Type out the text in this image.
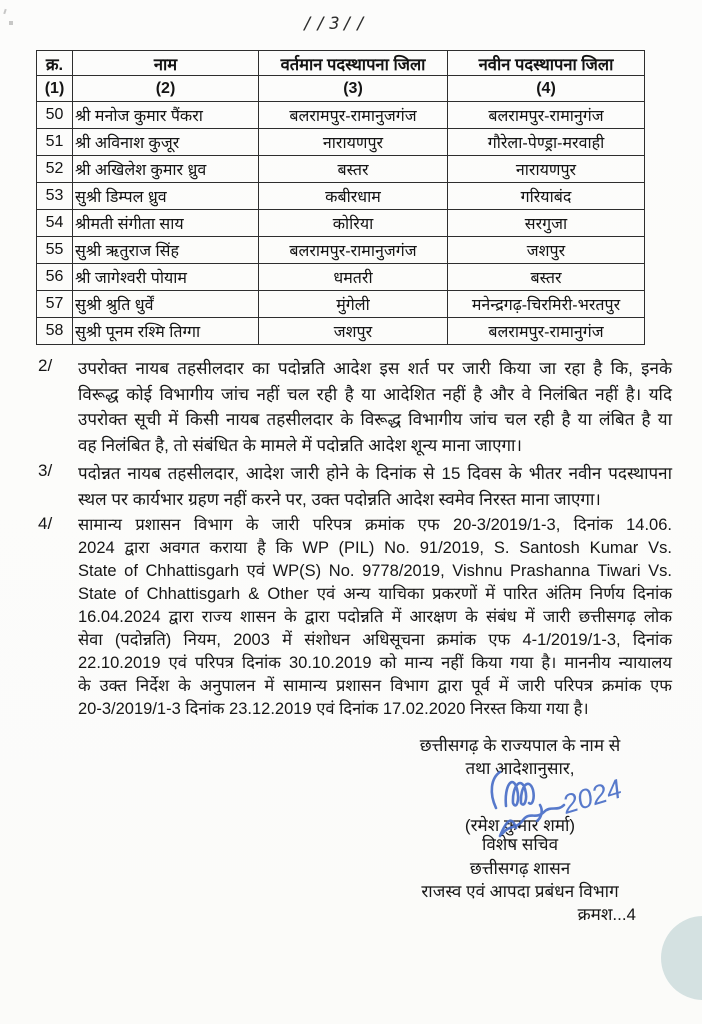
//3//
क्र.	नाम	वर्तमान पदस्थापना जिला	नवीन पदस्थापना जिला
(1)	(2)	(3)	(4)
50	श्री मनोज कुमार पैंकरा	बलरामपुर-रामानुजगंज	बलरामपुर-रामानुगंज
51	श्री अविनाश कुजूर	नारायणपुर	गौरेला-पेण्ड्रा-मरवाही
52	श्री अखिलेश कुमार ध्रुव	बस्तर	नारायणपुर
53	सुश्री डिम्पल ध्रुव	कबीरधाम	गरियाबंद
54	श्रीमती संगीता साय	कोरिया	सरगुजा
55	सुश्री ऋतुराज सिंह	बलरामपुर-रामानुजगंज	जशपुर
56	श्री जागेश्वरी पोयाम	धमतरी	बस्तर
57	सुश्री श्रुति धुर्वें	मुंगेली	मनेन्द्रगढ़-चिरमिरी-भरतपुर
58	सुश्री पूनम रश्मि तिग्गा	जशपुर	बलरामपुर-रामानुगंज
2/	उपरोक्त नायब तहसीलदार का पदोन्नति आदेश इस शर्त पर जारी किया जा रहा है कि, इनके
विरूद्ध कोई विभागीय जांच नहीं चल रही है या आदेशित नहीं है और वे निलंबित नहीं है। यदि
उपरोक्त सूची में किसी नायब तहसीलदार के विरूद्ध विभागीय जांच चल रही है या लंबित है या
वह निलंबित है, तो संबंधित के मामले में पदोन्नति आदेश शून्य माना जाएगा।
3/	पदोन्नत नायब तहसीलदार, आदेश जारी होने के दिनांक से 15 दिवस के भीतर नवीन पदस्थापना
स्थल पर कार्यभार ग्रहण नहीं करने पर, उक्त पदोन्नति आदेश स्वमेव निरस्त माना जाएगा।
4/	सामान्य प्रशासन विभाग के जारी परिपत्र क्रमांक एफ 20-3/2019/1-3, दिनांक 14.06.
2024 द्वारा अवगत कराया है कि WP (PIL) No. 91/2019, S. Santosh Kumar Vs.
State of Chhattisgarh एवं WP(S) No. 9778/2019, Vishnu Prashanna Tiwari Vs.
State of Chhattisgarh & Other एवं अन्य याचिका प्रकरणों में पारित अंतिम निर्णय दिनांक
16.04.2024 द्वारा राज्य शासन के द्वारा पदोन्नति में आरक्षण के संबंध में जारी छत्तीसगढ़ लोक
सेवा (पदोन्नति) नियम, 2003 में संशोधन अधिसूचना क्रमांक एफ 4-1/2019/1-3, दिनांक
22.10.2019 एवं परिपत्र दिनांक 30.10.2019 को मान्य नहीं किया गया है। माननीय न्यायालय
के उक्त निर्देश के अनुपालन में सामान्य प्रशासन विभाग द्वारा पूर्व में जारी परिपत्र क्रमांक एफ
20-3/2019/1-3 दिनांक 23.12.2019 एवं दिनांक 17.02.2020 निरस्त किया गया है।
छत्तीसगढ़ के राज्यपाल के नाम से
तथा आदेशानुसार,
(रमेश कुमार शर्मा)
विशेष सचिव
छत्तीसगढ़ शासन
राजस्व एवं आपदा प्रबंधन विभाग
क्रमश...4
2024
